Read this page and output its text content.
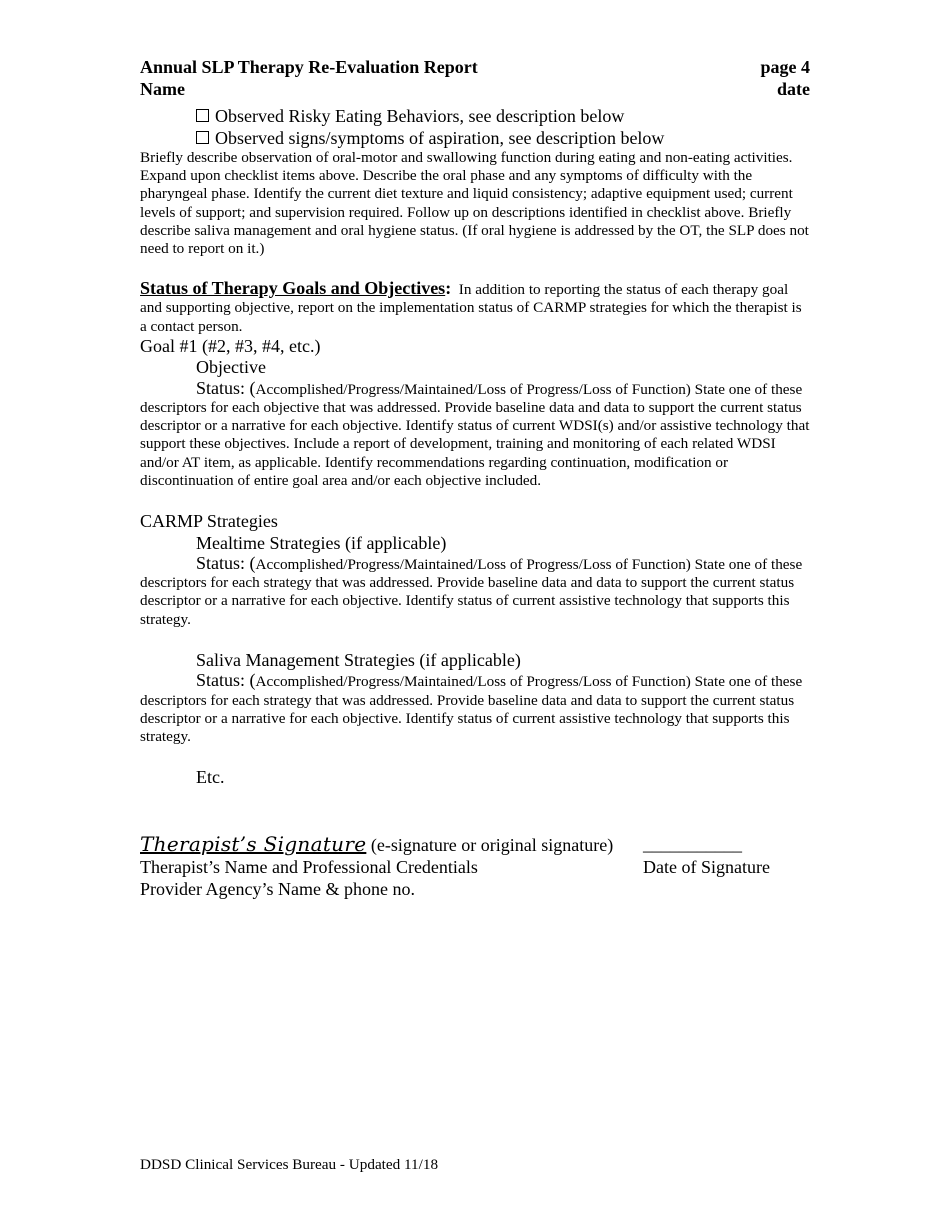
Annual SLP Therapy Re-Evaluation Report	page 4
Name	date
Observed Risky Eating Behaviors, see description below
Observed signs/symptoms of aspiration, see description below
Briefly describe observation of oral-motor and swallowing function during eating and non-eating activities. Expand upon checklist items above. Describe the oral phase and any symptoms of difficulty with the pharyngeal phase. Identify the current diet texture and liquid consistency; adaptive equipment used; current levels of support; and supervision required. Follow up on descriptions identified in checklist above. Briefly describe saliva management and oral hygiene status. (If oral hygiene is addressed by the OT, the SLP does not need to report on it.)
Status of Therapy Goals and Objectives: In addition to reporting the status of each therapy goal and supporting objective, report on the implementation status of CARMP strategies for which the therapist is a contact person.
Goal #1 (#2, #3, #4, etc.)
Objective
Status: (Accomplished/Progress/Maintained/Loss of Progress/Loss of Function) State one of these descriptors for each objective that was addressed. Provide baseline data and data to support the current status descriptor or a narrative for each objective. Identify status of current WDSI(s) and/or assistive technology that support these objectives. Include a report of development, training and monitoring of each related WDSI and/or AT item, as applicable. Identify recommendations regarding continuation, modification or discontinuation of entire goal area and/or each objective included.
CARMP Strategies
Mealtime Strategies (if applicable)
Status: (Accomplished/Progress/Maintained/Loss of Progress/Loss of Function) State one of these descriptors for each strategy that was addressed. Provide baseline data and data to support the current status descriptor or a narrative for each objective. Identify status of current assistive technology that supports this strategy.
Saliva Management Strategies (if applicable)
Status: (Accomplished/Progress/Maintained/Loss of Progress/Loss of Function) State one of these descriptors for each strategy that was addressed. Provide baseline data and data to support the current status descriptor or a narrative for each objective. Identify status of current assistive technology that supports this strategy.
Etc.
Therapist’s Signature (e-signature or original signature) ___________
Therapist’s Name and Professional Credentials	Date of Signature
Provider Agency’s Name & phone no.
DDSD Clinical Services Bureau - Updated 11/18
